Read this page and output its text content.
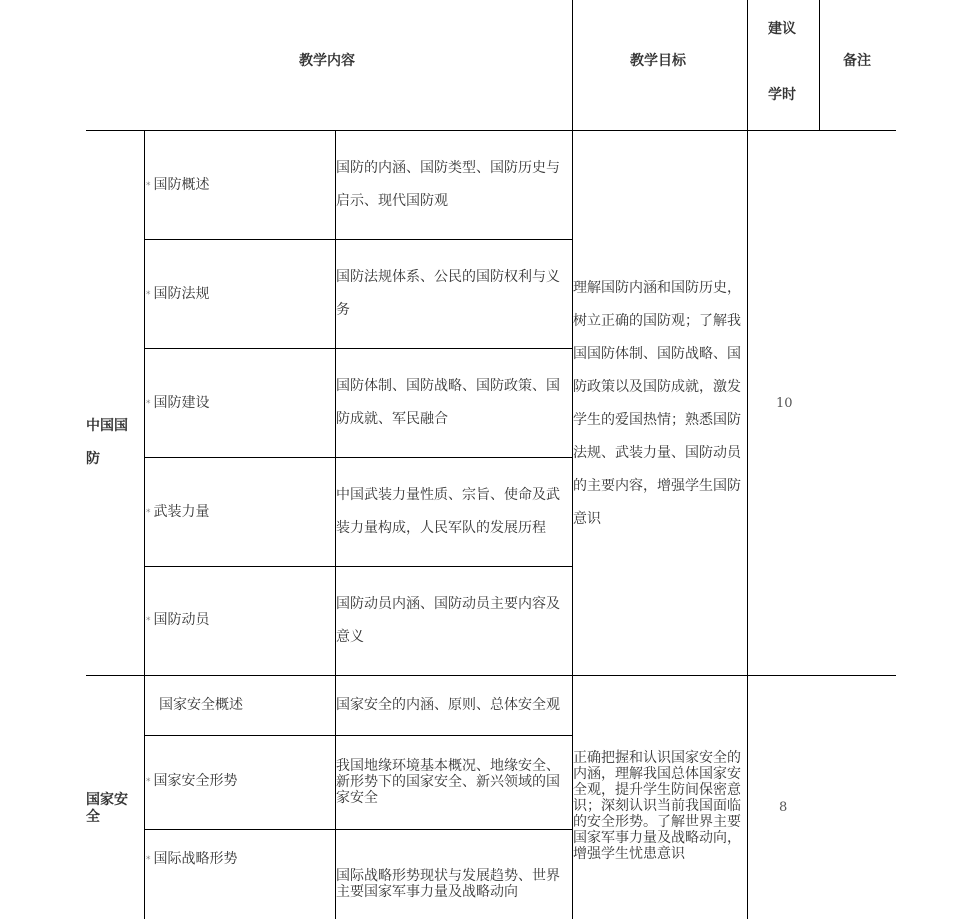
教学内容	教学目标
建议
学时
备注
中国国
防
* 国防概述
国防的内涵、国防类型、国防历史与启示、现代国防观
* 国防法规
国防法规体系、公民的国防权利与义务
* 国防建设
国防体制、国防战略、国防政策、国防成就、军民融合
* 武装力量
中国武装力量性质、宗旨、使命及武装力量构成，人民军队的发展历程
* 国防动员
国防动员内涵、国防动员主要内容及意义
理解国防内涵和国防历史，树立正确的国防观；了解我国国防体制、国防战略、国防政策以及国防成就，激发学生的爱国热情；熟悉国防法规、武装力量、国防动员的主要内容，增强学生国防意识
10
国家安
全
国家安全概述	国家安全的内涵、原则、总体安全观
* 国家安全形势
我国地缘环境基本概况、地缘安全、新形势下的国家安全、新兴领域的国家安全
* 国际战略形势
国际战略形势现状与发展趋势、世界主要国家军事力量及战略动向
正确把握和认识国家安全的内涵，理解我国总体国家安全观，提升学生防间保密意识；深刻认识当前我国面临的安全形势。了解世界主要国家军事力量及战略动向，增强学生忧患意识
8
